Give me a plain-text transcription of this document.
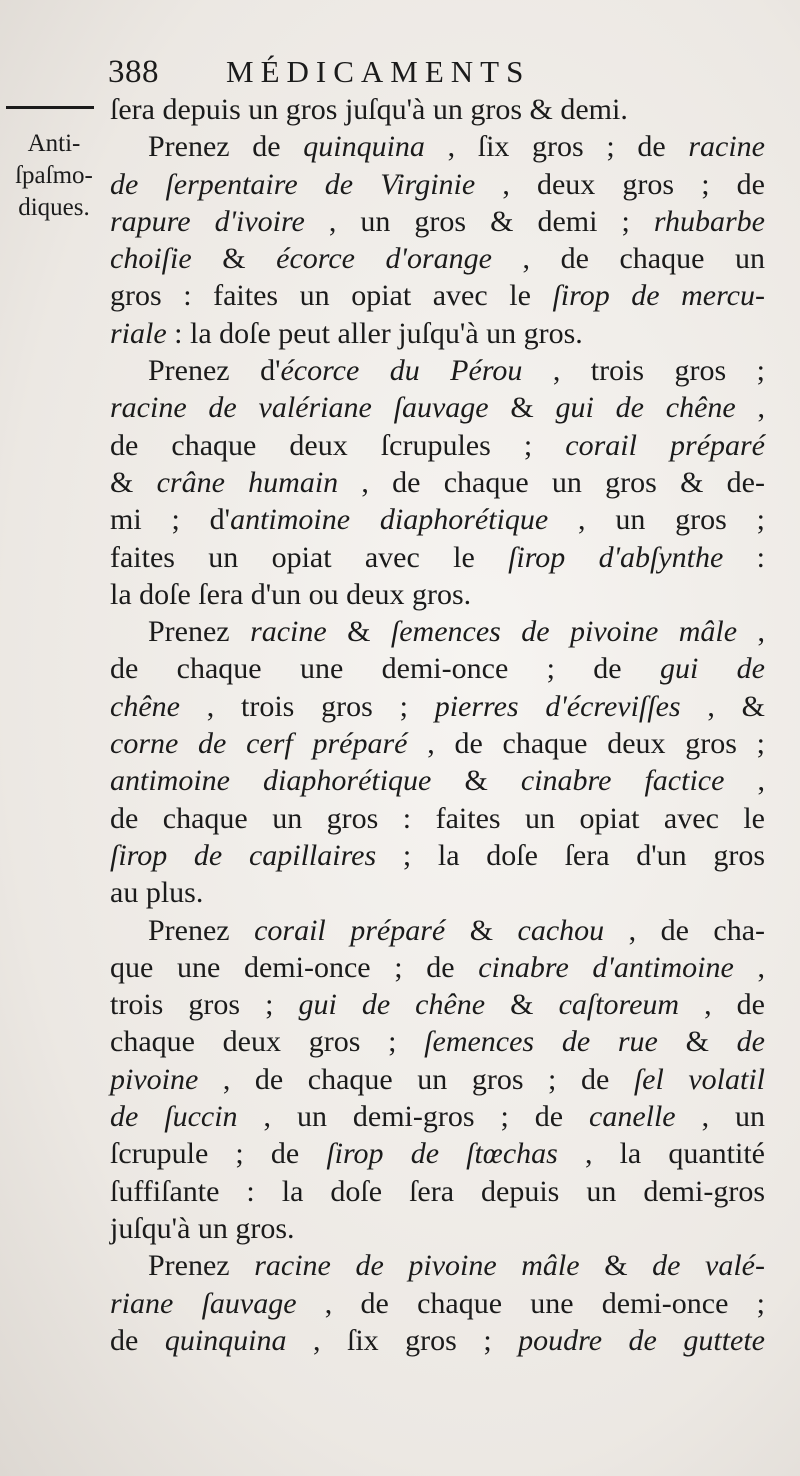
388 MÉDICAMENTS
Anti-
ſpaſmo-
diques.
ſera depuis un gros juſqu'à un gros & demi.
Prenez de quinquina , ſix gros ; de racine
de ſerpentaire de Virginie , deux gros ; de
rapure d'ivoire , un gros & demi ; rhubarbe
choiſie & écorce d'orange , de chaque un
gros : faites un opiat avec le ſirop de mercu-
riale : la doſe peut aller juſqu'à un gros.
Prenez d'écorce du Pérou , trois gros ;
racine de valériane ſauvage & gui de chêne ,
de chaque deux ſcrupules ; corail préparé
& crâne humain , de chaque un gros & de-
mi ; d'antimoine diaphorétique , un gros ;
faites un opiat avec le ſirop d'abſynthe :
la doſe ſera d'un ou deux gros.
Prenez racine & ſemences de pivoine mâle ,
de chaque une demi-once ; de gui de
chêne , trois gros ; pierres d'écreviſſes , &
corne de cerf préparé , de chaque deux gros ;
antimoine diaphorétique & cinabre factice ,
de chaque un gros : faites un opiat avec le
ſirop de capillaires ; la doſe ſera d'un gros
au plus.
Prenez corail préparé & cachou , de cha-
que une demi-once ; de cinabre d'antimoine ,
trois gros ; gui de chêne & caſtoreum , de
chaque deux gros ; ſemences de rue & de
pivoine , de chaque un gros ; de ſel volatil
de ſuccin , un demi-gros ; de canelle , un
ſcrupule ; de ſirop de ſtœchas , la quantité
ſuffiſante : la doſe ſera depuis un demi-gros
juſqu'à un gros.
Prenez racine de pivoine mâle & de valé-
riane ſauvage , de chaque une demi-once ;
de quinquina , ſix gros ; poudre de guttete
